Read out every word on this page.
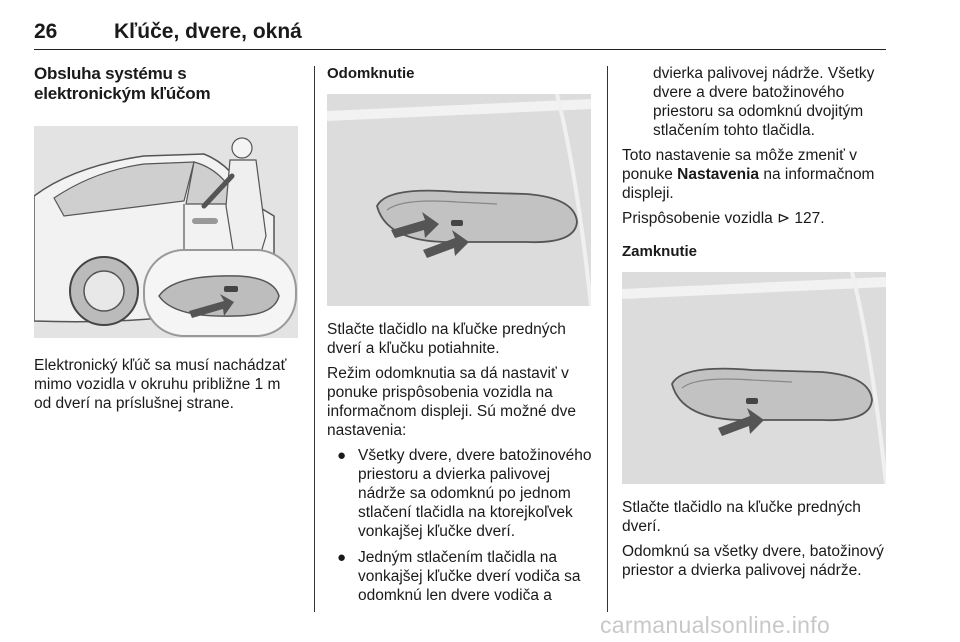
26	Kľúče, dvere, okná
Obsluha systému s elektronickým kľúčom

Elektronický kľúč sa musí nachádzať mimo vozidla v okruhu približne 1 m od dverí na príslušnej strane.

Odomknutie

Stlačte tlačidlo na kľučke predných dverí a kľučku potiahnite.

Režim odomknutia sa dá nastaviť v ponuke prispôsobenia vozidla na informačnom displeji. Sú možné dve nastavenia:

● Všetky dvere, dvere batožinového priestoru a dvierka palivovej nádrže sa odomknú po jednom stlačení tlačidla na ktorejkoľvek vonkajšej kľučke dverí.
● Jedným stlačením tlačidla na vonkajšej kľučke dverí vodiča sa odomknú len dvere vodiča a

dvierka palivovej nádrže. Všetky dvere a dvere batožinového priestoru sa odomknú dvojitým stlačením tohto tlačidla.

Toto nastavenie sa môže zmeniť v ponuke Nastavenia na informačnom displeji.

Prispôsobenie vozidla ⊳ 127.

Zamknutie

Stlačte tlačidlo na kľučke predných dverí.

Odomknú sa všetky dvere, batožinový priestor a dvierka palivovej nádrže.

carmanualsonline.info
